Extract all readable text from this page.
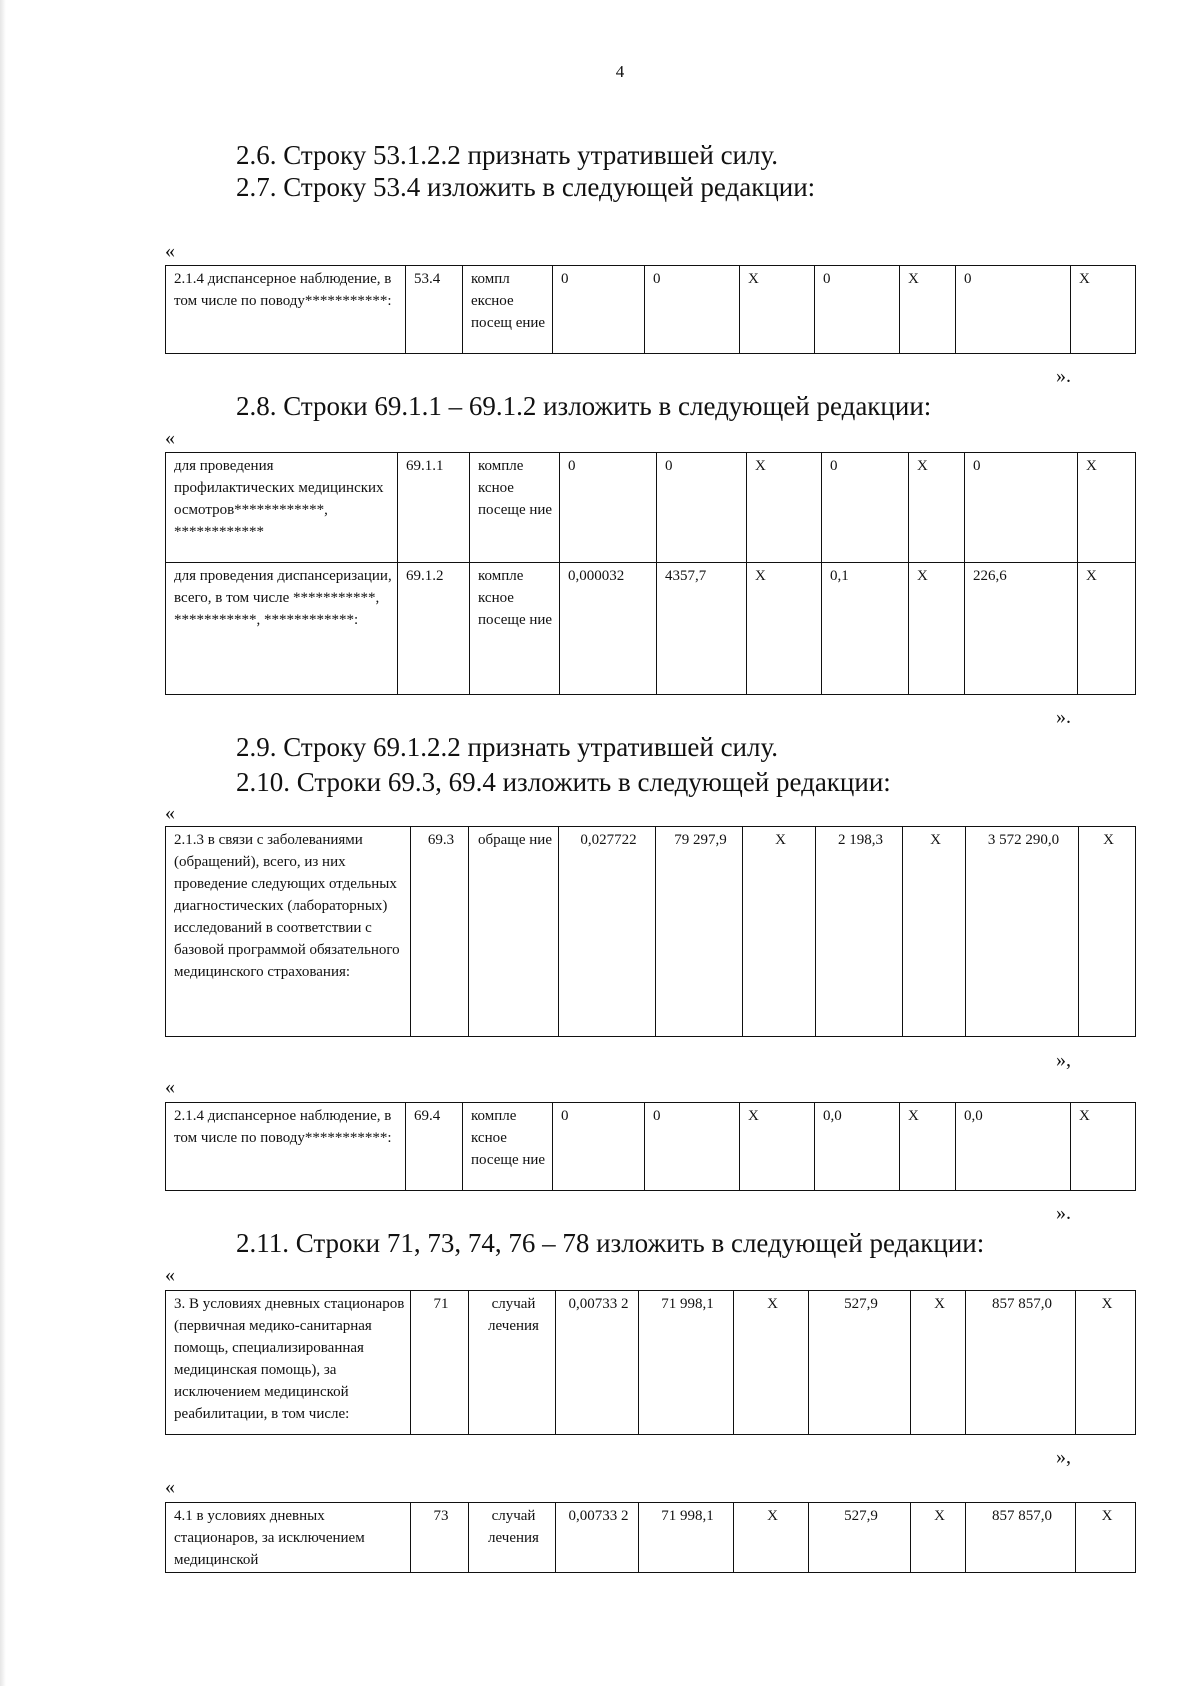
4
2.6. Строку 53.1.2.2 признать утратившей силу.
2.7. Строку 53.4 изложить в следующей редакции:
«
2.1.4 диспансерное наблюдение, в том числе по поводу***********:	53.4	компл ексное посещ ение	0	0	Х	0	Х	0	Х
».
2.8. Строки 69.1.1 – 69.1.2 изложить в следующей редакции:
«
для проведения профилактических медицинских осмотров************, ************	69.1.1	компле ксное посеще ние	0	0	Х	0	Х	0	Х
для проведения диспансеризации, всего, в том числе ***********, ***********, ************:	69.1.2	компле ксное посеще ние	0,000032	4357,7	Х	0,1	Х	226,6	Х
».
2.9. Строку 69.1.2.2 признать утратившей силу.
2.10. Строки 69.3, 69.4 изложить в следующей редакции:
«
2.1.3 в связи с заболеваниями (обращений), всего, из них проведение следующих отдельных диагностических (лабораторных) исследований в соответствии с базовой программой обязательного медицинского страхования:	69.3	обраще ние	0,027722	79 297,9	Х	2 198,3	Х	3 572 290,0	Х
»,
«
2.1.4 диспансерное наблюдение, в том числе по поводу***********:	69.4	компле ксное посеще ние	0	0	Х	0,0	Х	0,0	Х
».
2.11. Строки 71, 73, 74, 76 – 78 изложить в следующей редакции:
«
3. В условиях дневных стационаров (первичная медико-санитарная помощь, специализированная медицинская помощь), за исключением медицинской реабилитации, в том числе:	71	случай лечения	0,00733 2	71 998,1	Х	527,9	Х	857 857,0	Х
»,
«
4.1 в условиях дневных стационаров, за исключением медицинской	73	случай лечения	0,00733 2	71 998,1	Х	527,9	Х	857 857,0	Х
